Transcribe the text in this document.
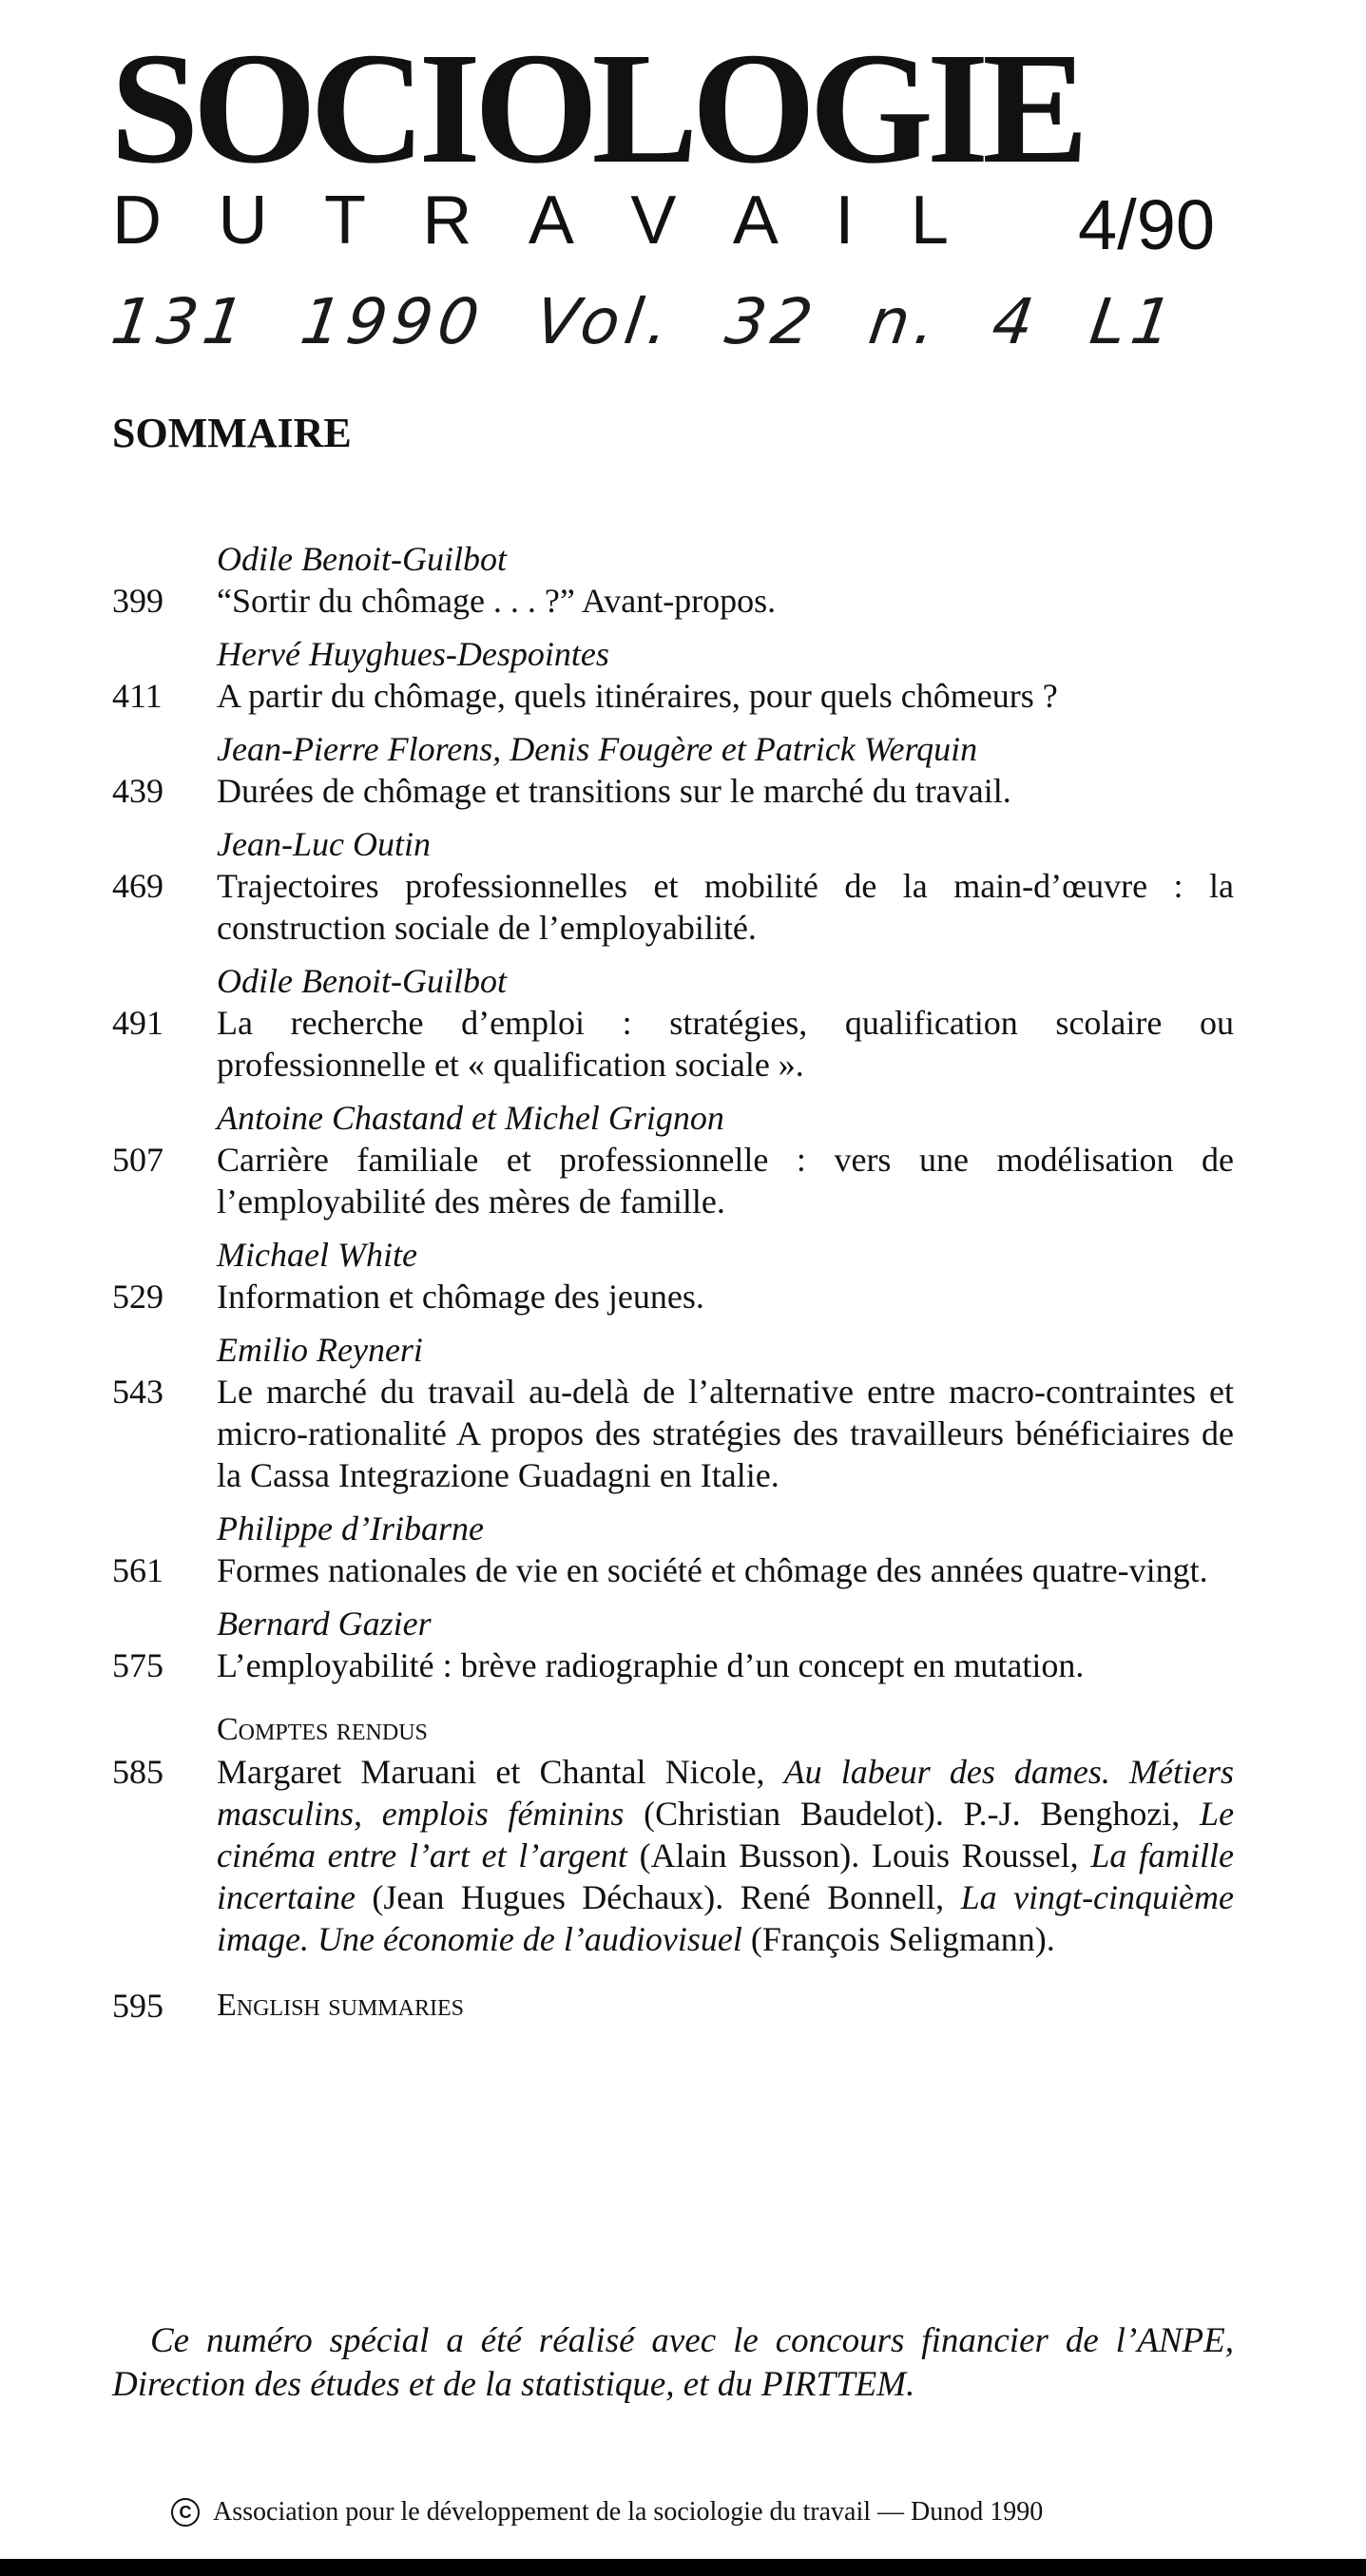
SOCIOLOGIE
D U T R A V A I L 4/90
131 1990 Vol. 32 n. 4 L1
SOMMAIRE
Odile Benoit-Guilbot
399	“Sortir du chômage . . . ?” Avant-propos.
Hervé Huyghues-Despointes
411	A partir du chômage, quels itinéraires, pour quels chômeurs ?
Jean-Pierre Florens, Denis Fougère et Patrick Werquin
439	Durées de chômage et transitions sur le marché du travail.
Jean-Luc Outin
469	Trajectoires professionnelles et mobilité de la main-d’œuvre : la construction sociale de l’employabilité.
Odile Benoit-Guilbot
491	La recherche d’emploi : stratégies, qualification scolaire ou professionnelle et « qualification sociale ».
Antoine Chastand et Michel Grignon
507	Carrière familiale et professionnelle : vers une modélisation de l’employabilité des mères de famille.
Michael White
529	Information et chômage des jeunes.
Emilio Reyneri
543	Le marché du travail au-delà de l’alternative entre macro-contraintes et micro-rationalité A propos des stratégies des travailleurs bénéficiaires de la Cassa Integrazione Guadagni en Italie.
Philippe d’Iribarne
561	Formes nationales de vie en société et chômage des années quatre-vingt.
Bernard Gazier
575	L’employabilité : brève radiographie d’un concept en mutation.
Comptes rendus
585	Margaret Maruani et Chantal Nicole, Au labeur des dames. Métiers masculins, emplois féminins (Christian Baudelot). P.-J. Benghozi, Le cinéma entre l’art et l’argent (Alain Busson). Louis Roussel, La famille incertaine (Jean Hugues Déchaux). René Bonnell, La vingt-cinquième image. Une économie de l’audiovisuel (François Seligmann).
595	English summaries
Ce numéro spécial a été réalisé avec le concours financier de l’ANPE, Direction des études et de la statistique, et du PIRTTEM.
C Association pour le développement de la sociologie du travail — Dunod 1990
